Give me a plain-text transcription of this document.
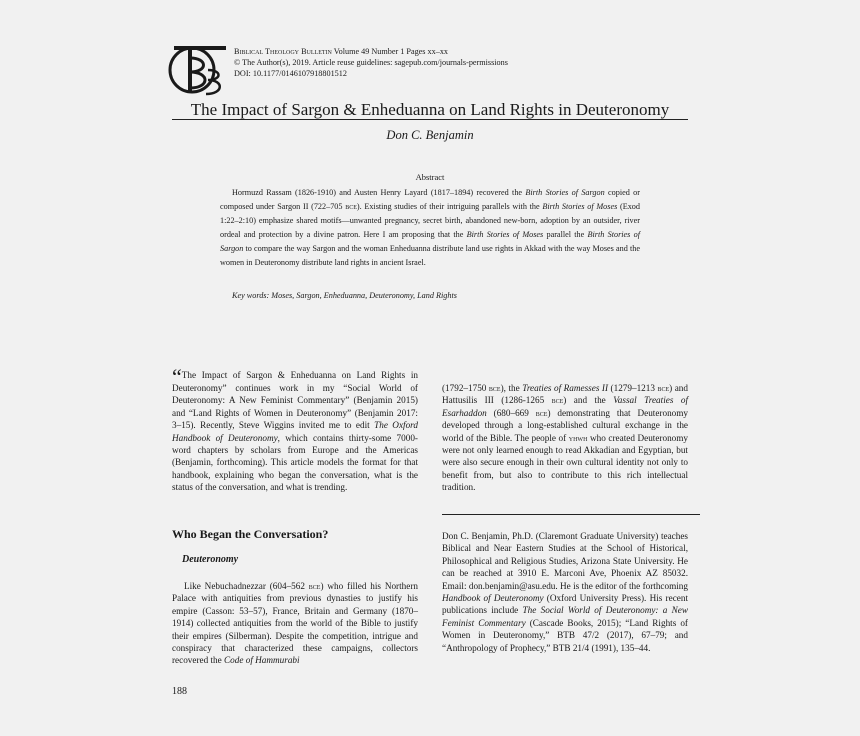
BTB
Biblical Theology Bulletin Volume 49 Number 1 Pages xx–xx
© The Author(s), 2019. Article reuse guidelines: sagepub.com/journals-permissions
DOI: 10.1177/0146107918801512
The Impact of Sargon & Enheduanna on Land Rights in Deuteronomy
Don C. Benjamin
Abstract

Hormuzd Rassam (1826-1910) and Austen Henry Layard (1817–1894) recovered the Birth Stories of Sargon copied or composed under Sargon II (722–705 bce). Existing studies of their intriguing parallels with the Birth Stories of Moses (Exod 1:22–2:10) emphasize shared motifs—unwanted pregnancy, secret birth, abandoned new-born, adoption by an outsider, river ordeal and protection by a divine patron. Here I am proposing that the Birth Stories of Moses parallel the Birth Stories of Sargon to compare the way Sargon and the woman Enheduanna distribute land use rights in Akkad with the way Moses and the women in Deuteronomy distribute land rights in ancient Israel.

Key words: Moses, Sargon, Enheduanna, Deuteronomy, Land Rights

“The Impact of Sargon & Enheduanna on Land Rights in Deuteronomy” continues work in my “Social World of Deuteronomy: A New Feminist Commentary” (Benjamin 2015) and “Land Rights of Women in Deuteronomy” (Benjamin 2017: 3–15). Recently, Steve Wiggins invited me to edit The Oxford Handbook of Deuteronomy, which contains thirty-some 7000-word chapters by scholars from Europe and the Americas (Benjamin, forthcoming). This article models the format for that handbook, explaining who began the conversation, what is the status of the conversation, and what is trending.

Who Began the Conversation?
Deuteronomy

Like Nebuchadnezzar (604–562 bce) who filled his Northern Palace with antiquities from previous dynasties to justify his empire (Casson: 53–57), France, Britain and Germany (1870–1914) collected antiquities from the world of the Bible to justify their empires (Silberman). Despite the competition, intrigue and conspiracy that characterized these campaigns, collectors recovered the Code of Hammurabi

(1792–1750 bce), the Treaties of Ramesses II (1279–1213 bce) and Hattusilis III (1286-1265 bce) and the Vassal Treaties of Esarhaddon (680–669 bce) demonstrating that Deuteronomy developed through a long-established cultural exchange in the world of the Bible. The people of yhwh who created Deuteronomy were not only learned enough to read Akkadian and Egyptian, but were also secure enough in their own cultural identity not only to benefit from, but also to contribute to this rich intellectual tradition.

Don C. Benjamin, Ph.D. (Claremont Graduate University) teaches Biblical and Near Eastern Studies at the School of Historical, Philosophical and Religious Studies, Arizona State University. He can be reached at 3910 E. Marconi Ave, Phoenix AZ 85032. Email: don.benjamin@asu.edu. He is the editor of the forthcoming Handbook of Deuteronomy (Oxford University Press). His recent publications include The Social World of Deuteronomy: a New Feminist Commentary (Cascade Books, 2015); “Land Rights of Women in Deuteronomy,” BTB 47/2 (2017), 67–79; and “Anthropology of Prophecy,” BTB 21/4 (1991), 135–44.

188
